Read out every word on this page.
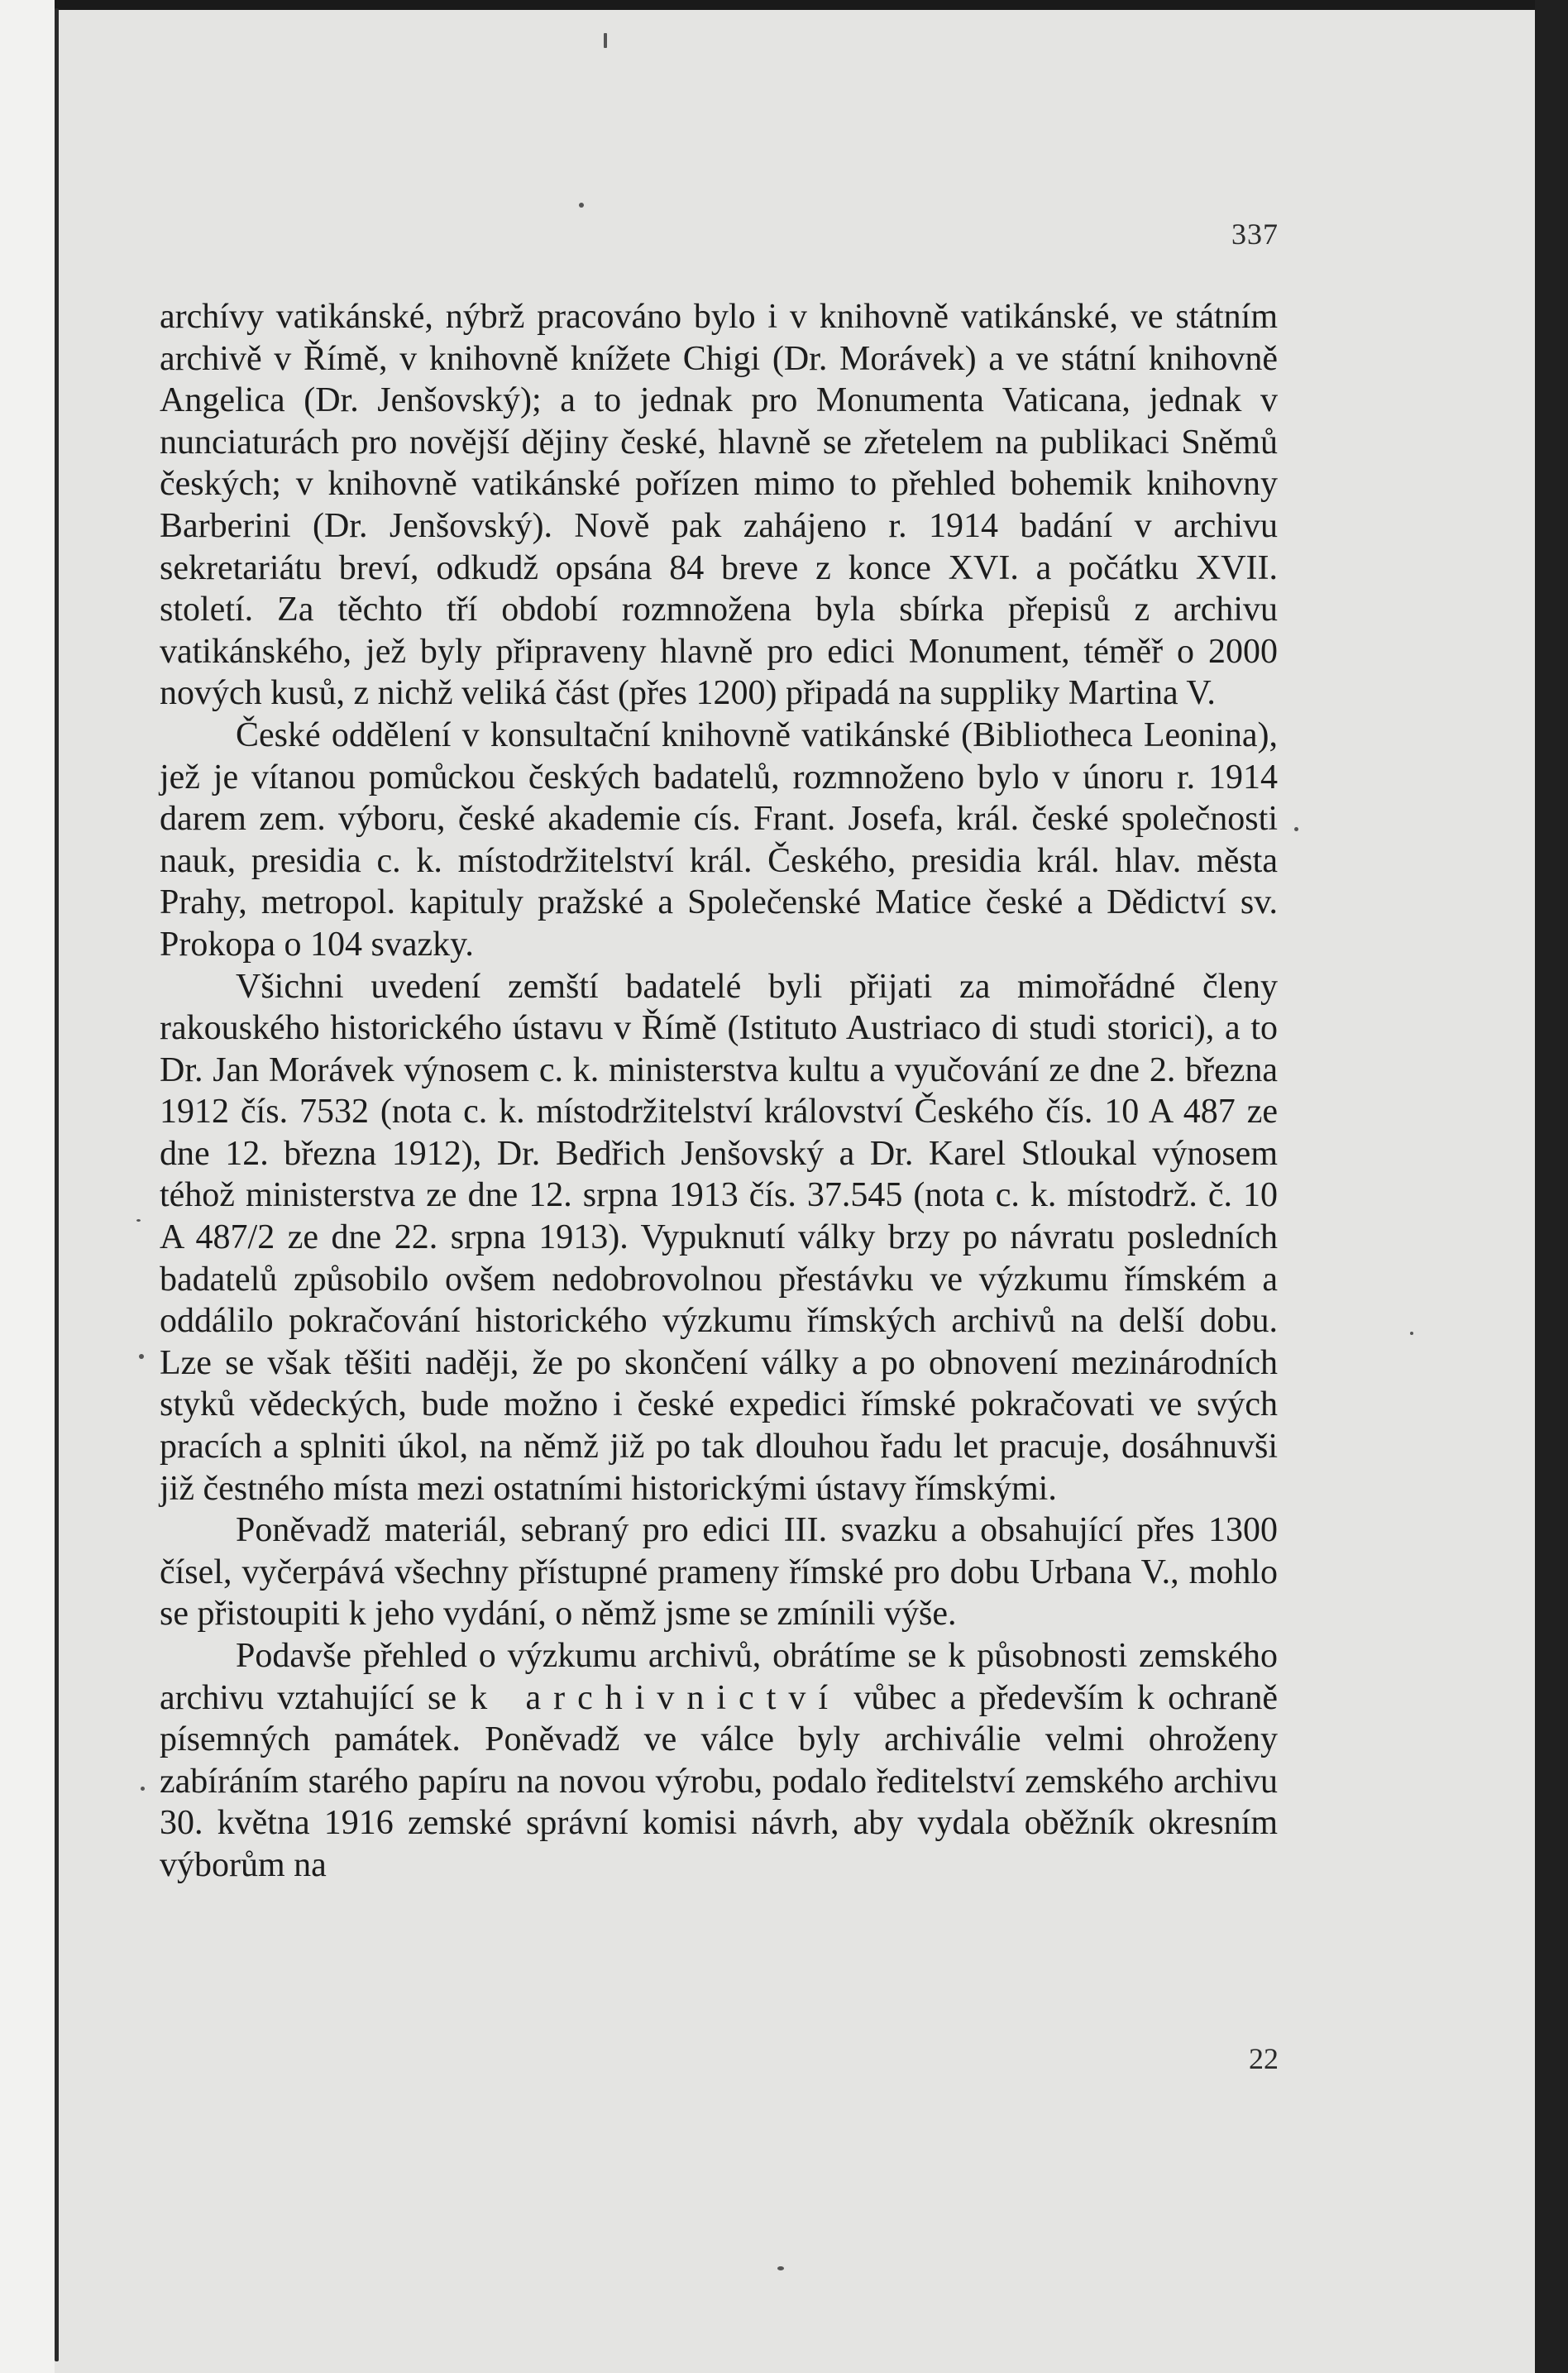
337

archívy vatikánské, nýbrž pracováno bylo i v knihovně vatikánské, ve státním archivě v Římě, v knihovně knížete Chigi (Dr. Morávek) a ve státní knihovně Angelica (Dr. Jenšovský); a to jednak pro Monumenta Vaticana, jednak v nunciaturách pro novější dějiny české, hlavně se zřetelem na publikaci Sněmů českých; v knihovně vatikánské pořízen mimo to přehled bohemik knihovny Barberini (Dr. Jenšovský). Nově pak zahájeno r. 1914 badání v archivu sekretariátu breví, odkudž opsána 84 breve z konce XVI. a počátku XVII. století. Za těchto tří období rozmnožena byla sbírka přepisů z archivu vatikánského, jež byly připraveny hlavně pro edici Monument, téměř o 2000 nových kusů, z nichž veliká část (přes 1200) připadá na suppliky Martina V.

České oddělení v konsultační knihovně vatikánské (Bibliotheca Leonina), jež je vítanou pomůckou českých badatelů, rozmnoženo bylo v únoru r. 1914 darem zem. výboru, české akademie cís. Frant. Josefa, král. české společnosti nauk, presidia c. k. místodržitelství král. Českého, presidia král. hlav. města Prahy, metropol. kapituly pražské a Společenské Matice české a Dědictví sv. Prokopa o 104 svazky.

Všichni uvedení zemští badatelé byli přijati za mimořádné členy rakouského historického ústavu v Římě (Istituto Austriaco di studi storici), a to Dr. Jan Morávek výnosem c. k. ministerstva kultu a vyučování ze dne 2. března 1912 čís. 7532 (nota c. k. místodržitelství království Českého čís. 10 A 487 ze dne 12. března 1912), Dr. Bedřich Jenšovský a Dr. Karel Stloukal výnosem téhož ministerstva ze dne 12. srpna 1913 čís. 37.545 (nota c. k. místodrž. č. 10 A 487/2 ze dne 22. srpna 1913). Vypuknutí války brzy po návratu posledních badatelů způsobilo ovšem nedobrovolnou přestávku ve výzkumu římském a oddálilo pokračování historického výzkumu římských archivů na delší dobu. Lze se však těšiti naději, že po skončení války a po obnovení mezinárodních styků vědeckých, bude možno i české expedici římské pokračovati ve svých pracích a splniti úkol, na němž již po tak dlouhou řadu let pracuje, dosáhnuvši již čestného místa mezi ostatními historickými ústavy římskými.

Poněvadž materiál, sebraný pro edici III. svazku a obsahující přes 1300 čísel, vyčerpává všechny přístupné prameny římské pro dobu Urbana V., mohlo se přistoupiti k jeho vydání, o němž jsme se zmínili výše.

Podavše přehled o výzkumu archivů, obrátíme se k působnosti zemského archivu vztahující se k archivnictví vůbec a především k ochraně písemných památek. Poněvadž ve válce byly archiválie velmi ohroženy zabíráním starého papíru na novou výrobu, podalo ředitelství zemského archivu 30. května 1916 zemské správní komisi návrh, aby vydala oběžník okresním výborům na

22
